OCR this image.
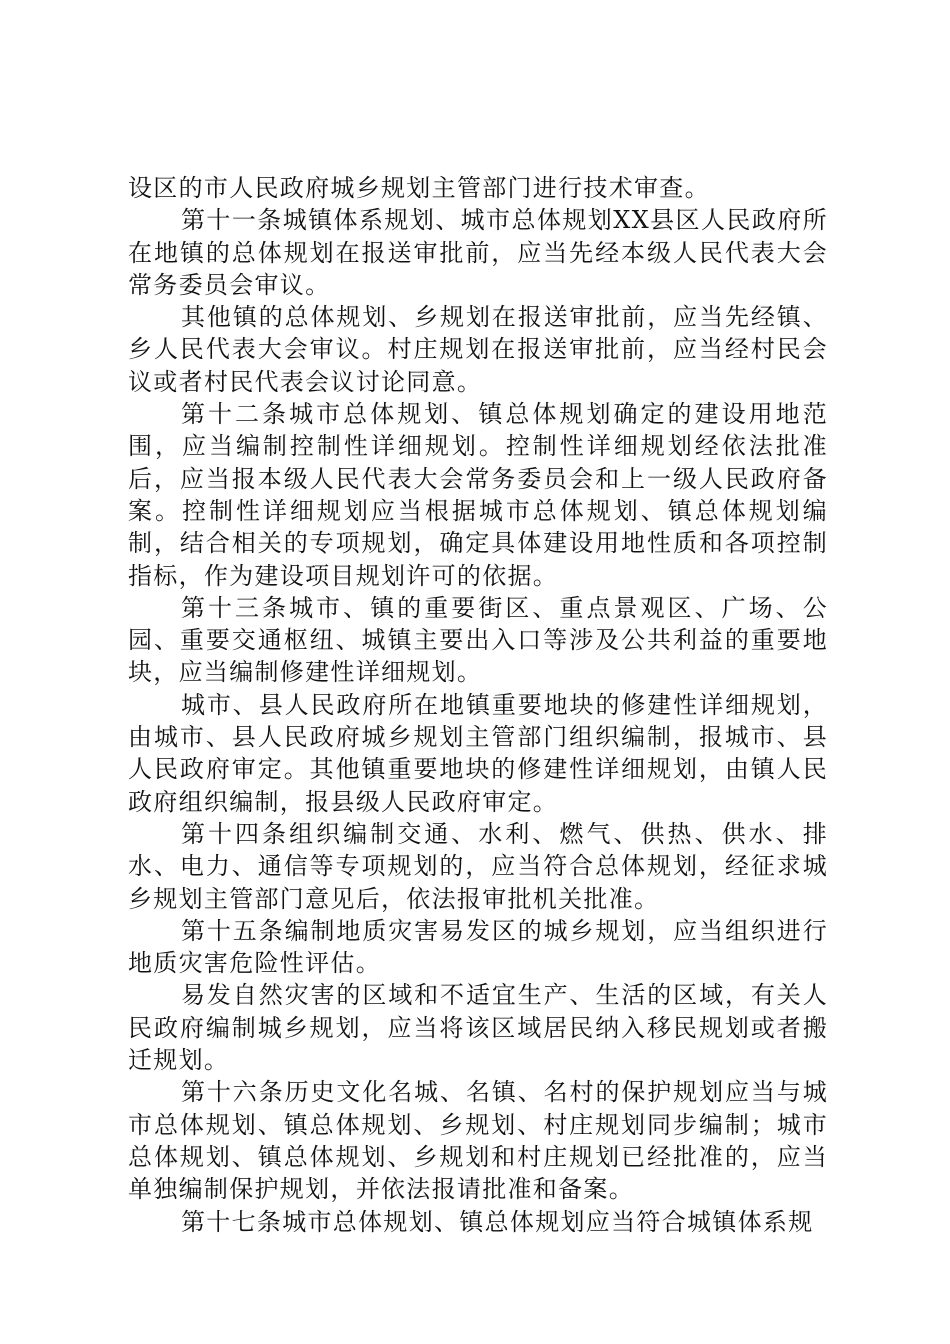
设区的市人民政府城乡规划主管部门进行技术审查。

第十一条城镇体系规划、城市总体规划XX县区人民政府所在地镇的总体规划在报送审批前，应当先经本级人民代表大会常务委员会审议。

其他镇的总体规划、乡规划在报送审批前，应当先经镇、乡人民代表大会审议。村庄规划在报送审批前，应当经村民会议或者村民代表会议讨论同意。

第十二条城市总体规划、镇总体规划确定的建设用地范围，应当编制控制性详细规划。控制性详细规划经依法批准后，应当报本级人民代表大会常务委员会和上一级人民政府备案。控制性详细规划应当根据城市总体规划、镇总体规划编制，结合相关的专项规划，确定具体建设用地性质和各项控制指标，作为建设项目规划许可的依据。

第十三条城市、镇的重要街区、重点景观区、广场、公园、重要交通枢纽、城镇主要出入口等涉及公共利益的重要地块，应当编制修建性详细规划。

城市、县人民政府所在地镇重要地块的修建性详细规划，由城市、县人民政府城乡规划主管部门组织编制，报城市、县人民政府审定。其他镇重要地块的修建性详细规划，由镇人民政府组织编制，报县级人民政府审定。

第十四条组织编制交通、水利、燃气、供热、供水、排水、电力、通信等专项规划的，应当符合总体规划，经征求城乡规划主管部门意见后，依法报审批机关批准。

第十五条编制地质灾害易发区的城乡规划，应当组织进行地质灾害危险性评估。

易发自然灾害的区域和不适宜生产、生活的区域，有关人民政府编制城乡规划，应当将该区域居民纳入移民规划或者搬迁规划。

第十六条历史文化名城、名镇、名村的保护规划应当与城市总体规划、镇总体规划、乡规划、村庄规划同步编制；城市总体规划、镇总体规划、乡规划和村庄规划已经批准的，应当单独编制保护规划，并依法报请批准和备案。

第十七条城市总体规划、镇总体规划应当符合城镇体系规
